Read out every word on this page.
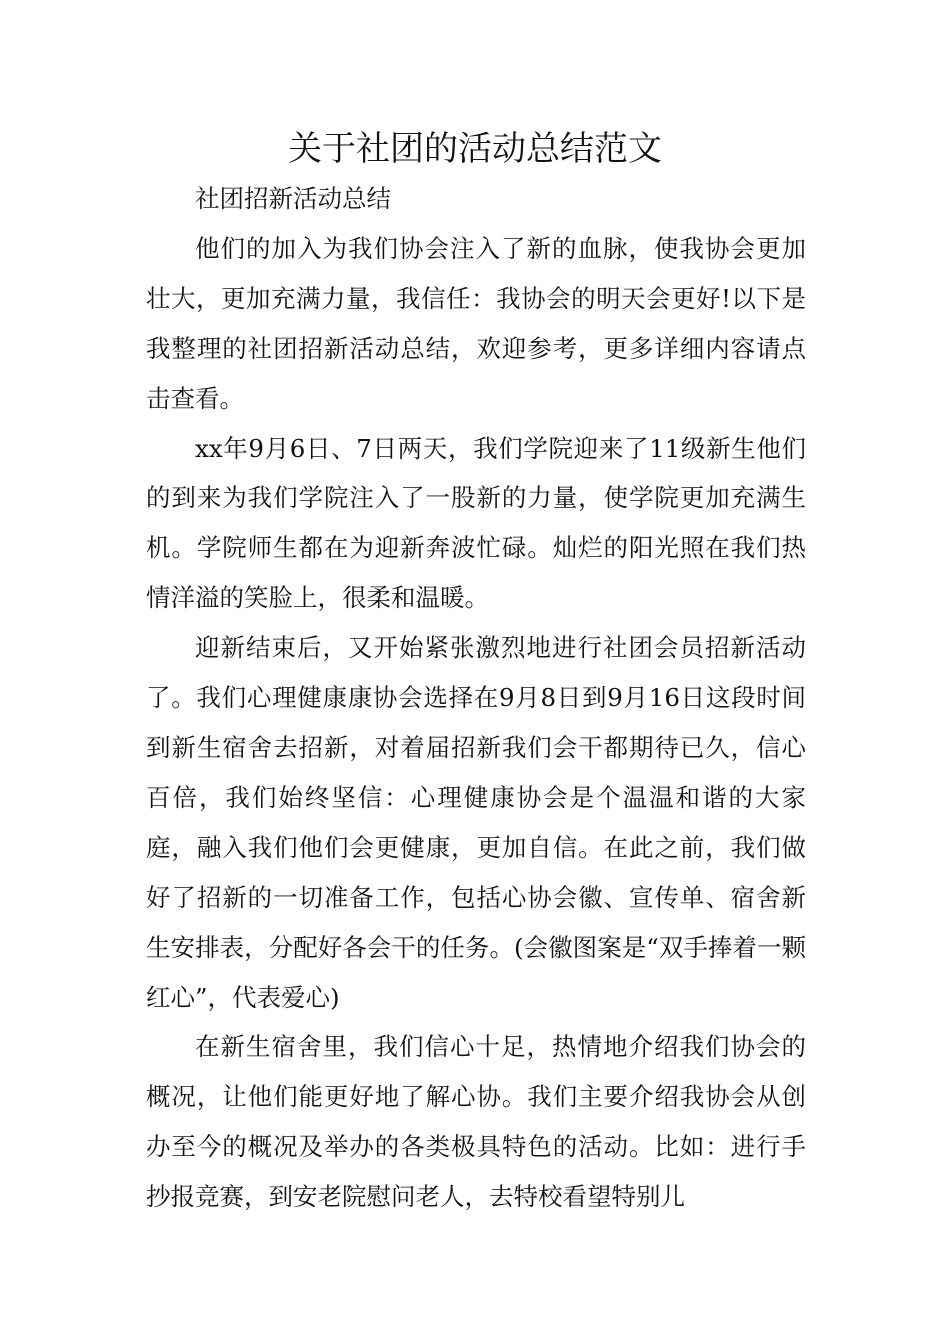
关于社团的活动总结范文
社团招新活动总结

他们的加入为我们协会注入了新的血脉，使我协会更加壮大，更加充满力量，我信任：我协会的明天会更好!以下是我整理的社团招新活动总结，欢迎参考，更多详细内容请点击查看。

xx年9月6日、7日两天，我们学院迎来了11级新生他们的到来为我们学院注入了一股新的力量，使学院更加充满生机。学院师生都在为迎新奔波忙碌。灿烂的阳光照在我们热情洋溢的笑脸上，很柔和温暖。

迎新结束后，又开始紧张激烈地进行社团会员招新活动了。我们心理健康康协会选择在9月8日到9月16日这段时间到新生宿舍去招新，对着届招新我们会干都期待已久，信心百倍，我们始终坚信：心理健康协会是个温温和谐的大家庭，融入我们他们会更健康，更加自信。在此之前，我们做好了招新的一切准备工作，包括心协会徽、宣传单、宿舍新生安排表，分配好各会干的任务。(会徽图案是“双手捧着一颗红心”，代表爱心)

在新生宿舍里，我们信心十足，热情地介绍我们协会的概况，让他们能更好地了解心协。我们主要介绍我协会从创办至今的概况及举办的各类极具特色的活动。比如：进行手抄报竞赛，到安老院慰问老人，去特校看望特别儿
